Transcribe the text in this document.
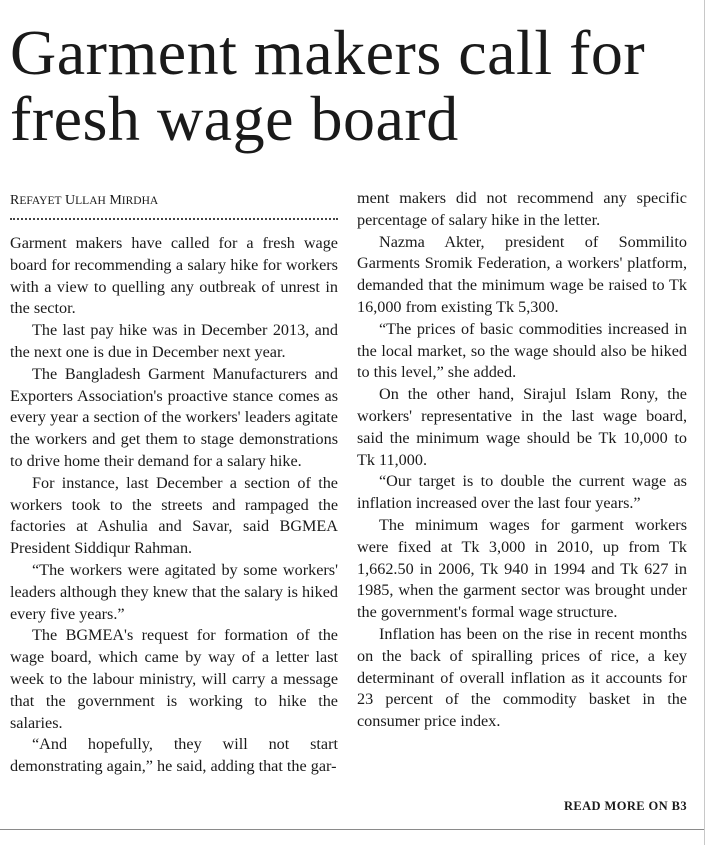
Garment makers call for fresh wage board
REFAYET ULLAH MIRDHA

Garment makers have called for a fresh wage board for recommending a salary hike for workers with a view to quelling any outbreak of unrest in the sector.

The last pay hike was in December 2013, and the next one is due in December next year.

The Bangladesh Garment Manufacturers and Exporters Association's proactive stance comes as every year a section of the workers' leaders agitate the workers and get them to stage demonstrations to drive home their demand for a salary hike.

For instance, last December a section of the workers took to the streets and rampaged the factories at Ashulia and Savar, said BGMEA President Siddiqur Rahman.

“The workers were agitated by some workers' leaders although they knew that the salary is hiked every five years.”

The BGMEA's request for formation of the wage board, which came by way of a letter last week to the labour ministry, will carry a message that the government is working to hike the salaries.

“And hopefully, they will not start demonstrating again,” he said, adding that the gar-

ment makers did not recommend any specific percentage of salary hike in the letter.

Nazma Akter, president of Sommilito Garments Sromik Federation, a workers' platform, demanded that the minimum wage be raised to Tk 16,000 from existing Tk 5,300.

“The prices of basic commodities increased in the local market, so the wage should also be hiked to this level,” she added.

On the other hand, Sirajul Islam Rony, the workers' representative in the last wage board, said the minimum wage should be Tk 10,000 to Tk 11,000.

“Our target is to double the current wage as inflation increased over the last four years.”

The minimum wages for garment workers were fixed at Tk 3,000 in 2010, up from Tk 1,662.50 in 2006, Tk 940 in 1994 and Tk 627 in 1985, when the garment sector was brought under the government's formal wage structure.

Inflation has been on the rise in recent months on the back of spiralling prices of rice, a key determinant of overall inflation as it accounts for 23 percent of the commodity basket in the consumer price index.

READ MORE ON B3
